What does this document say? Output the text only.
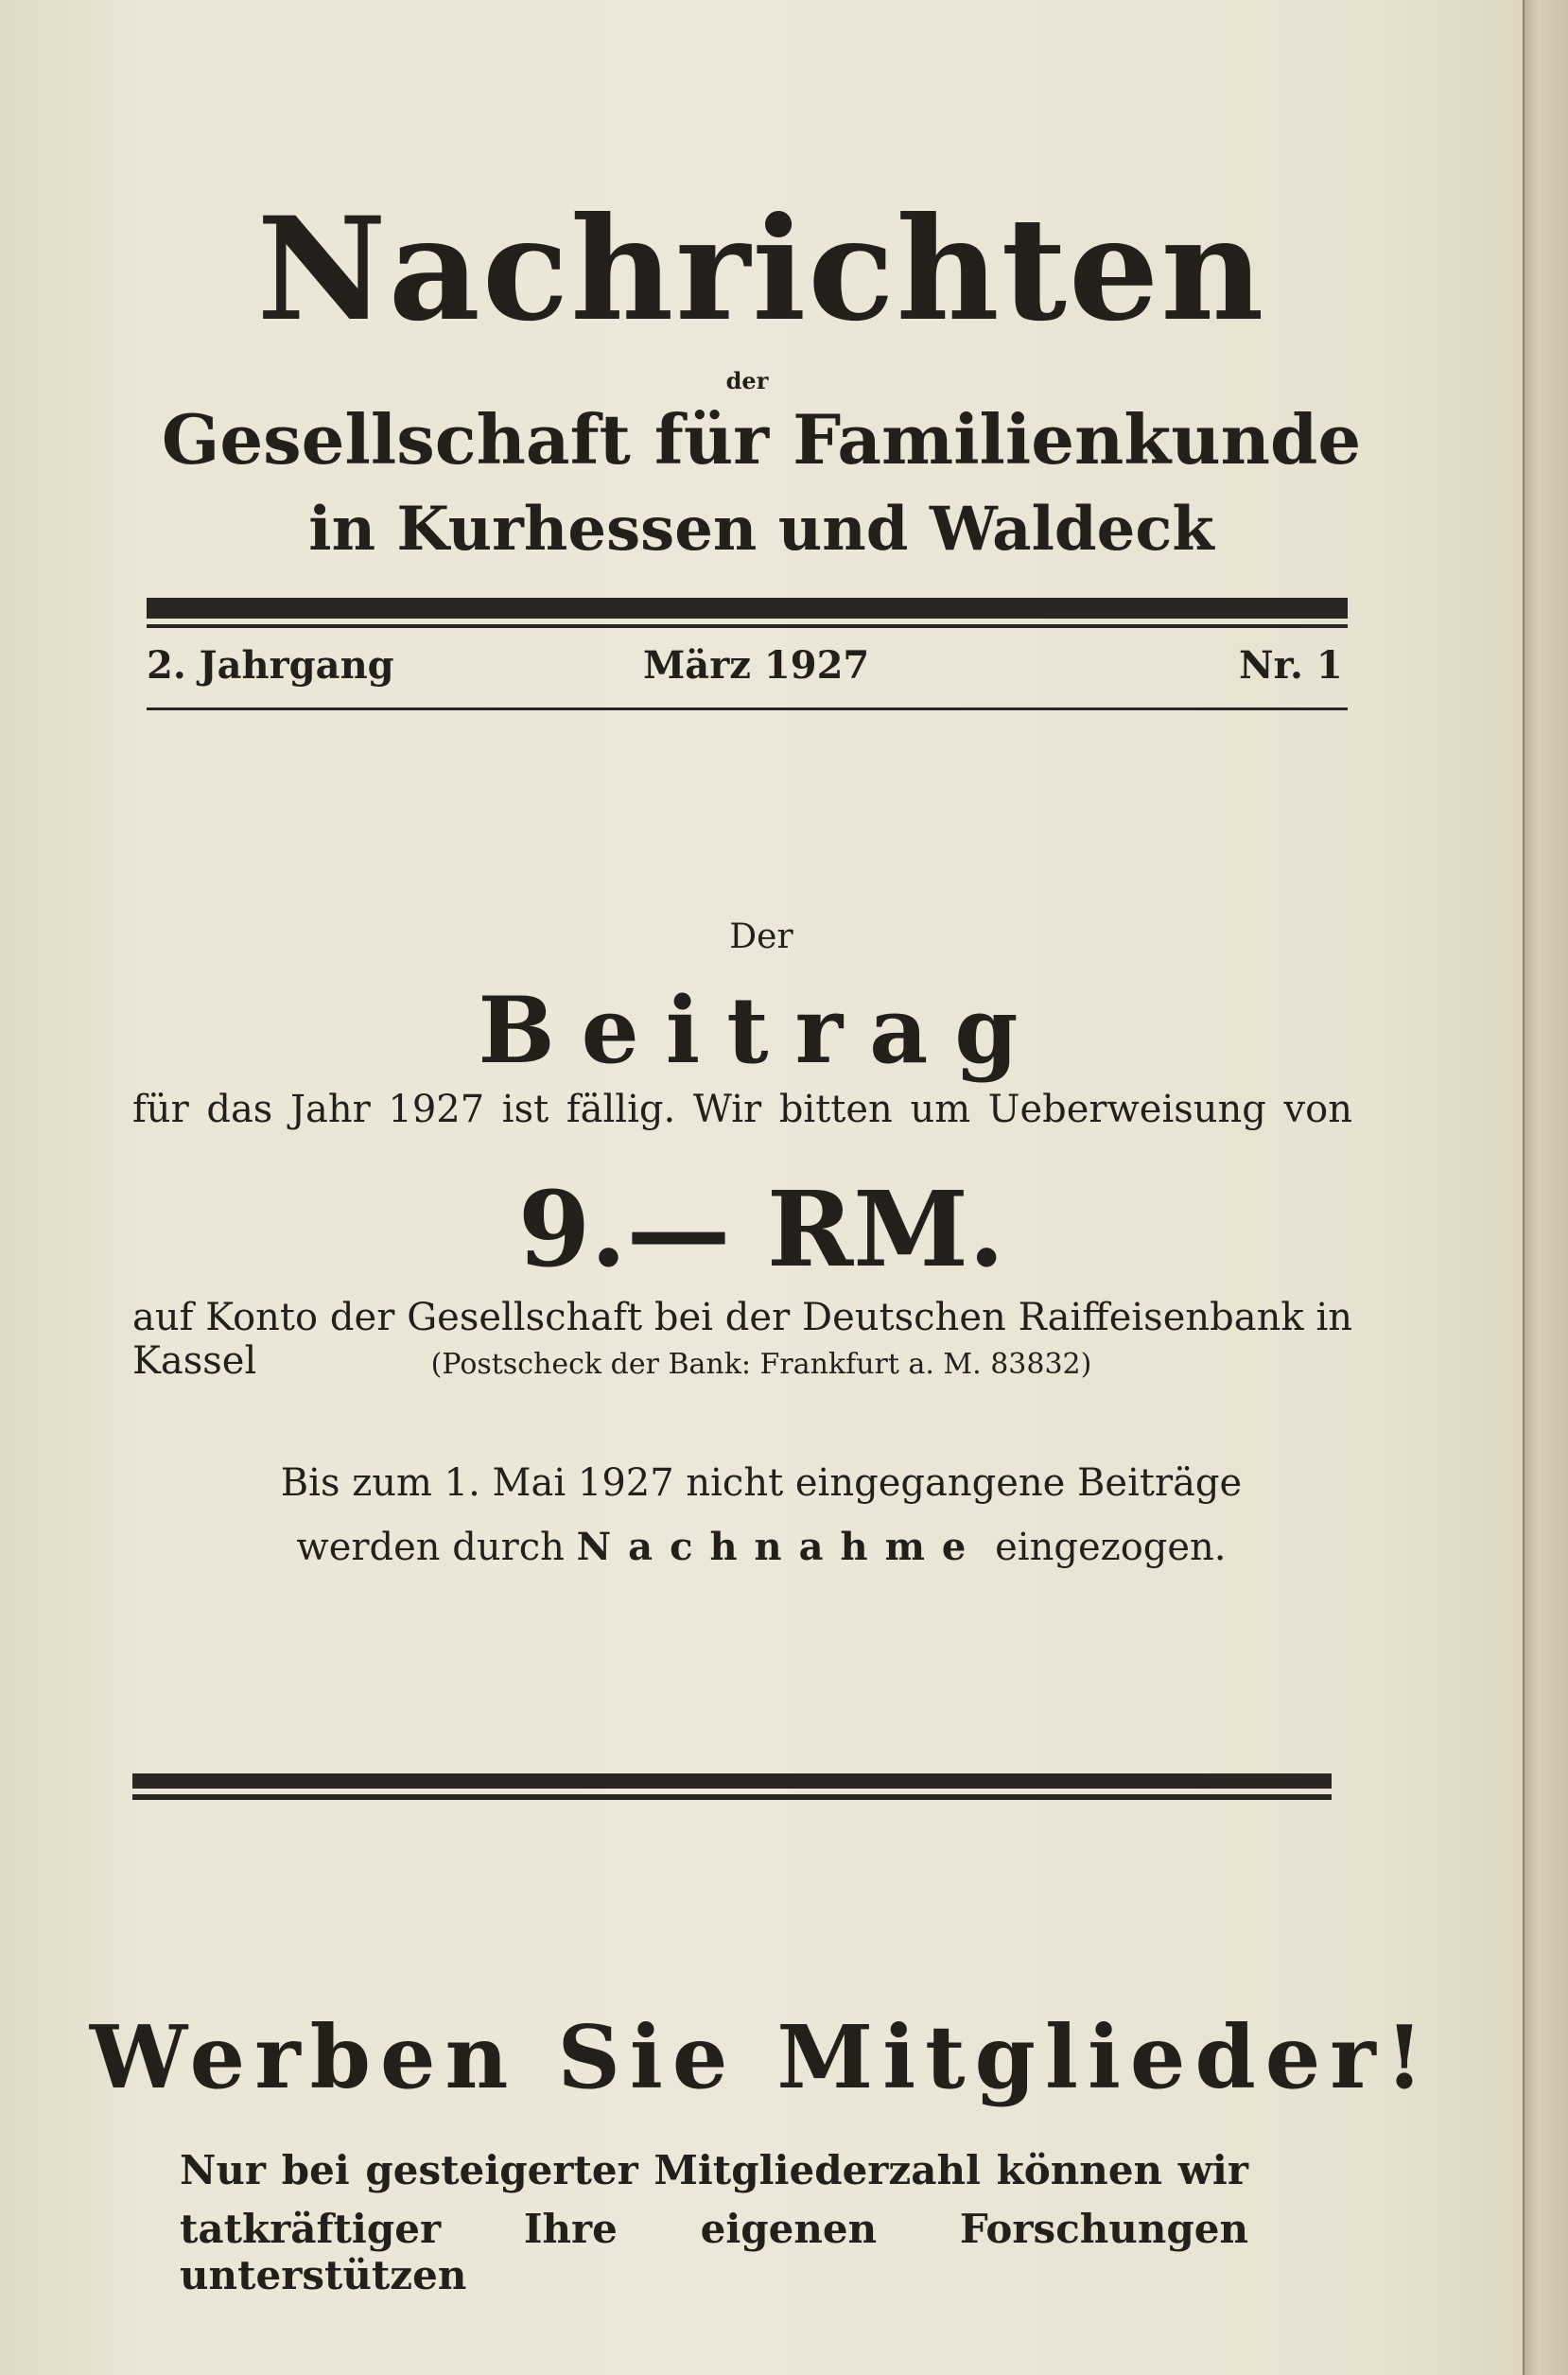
Nachrichten
der
Gesellschaft für Familienkunde
in Kurhessen und Waldeck
2. Jahrgang	März 1927	Nr. 1
Der
Beitrag
für das Jahr 1927 ist fällig. Wir bitten um Ueberweisung von
9.— RM.
auf Konto der Gesellschaft bei der Deutschen Raiffeisenbank in Kassel	(Postscheck der Bank: Frankfurt a. M. 83832)
Bis zum 1. Mai 1927 nicht eingegangene Beiträge
werden durch Nachnahme eingezogen.
Werben Sie Mitglieder!
Nur bei gesteigerter Mitgliederzahl können wir
tatkräftiger Ihre eigenen Forschungen unterstützen
